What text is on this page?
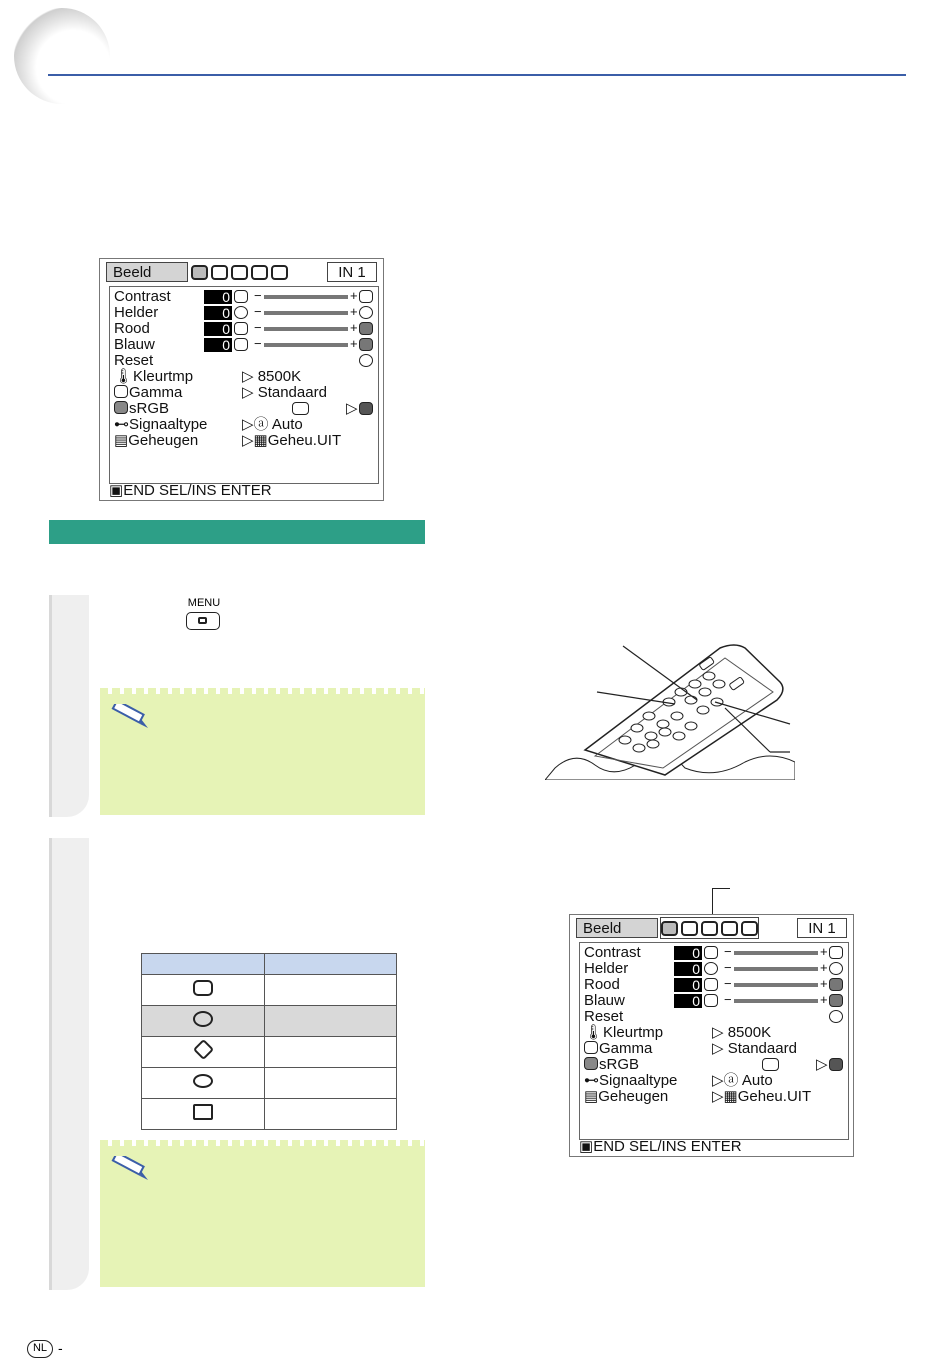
Beeld	IN 1
Contrast	0 −	+
Helder	0 −	+
Rood	0 −	+
Blauw	0 −	+
Reset
🌡Kleurtmp	▷ 8500K
Gamma	▷ Standaard
sRGB	▷
⊷Signaaltype ▷ⓐ Auto
▤Geheugen	▷▦Geheu.UIT
▣END SEL/INS ENTER
MENU

Beeld	IN 1
Contrast	0 −	+
Helder	0 −	+
Rood	0 −	+
Blauw	0 −	+
Reset
🌡Kleurtmp	▷ 8500K
Gamma	▷ Standaard
sRGB	▷
⊷Signaaltype ▷ⓐ Auto
▤Geheugen	▷▦Geheu.UIT
▣END SEL/INS ENTER
NL -
